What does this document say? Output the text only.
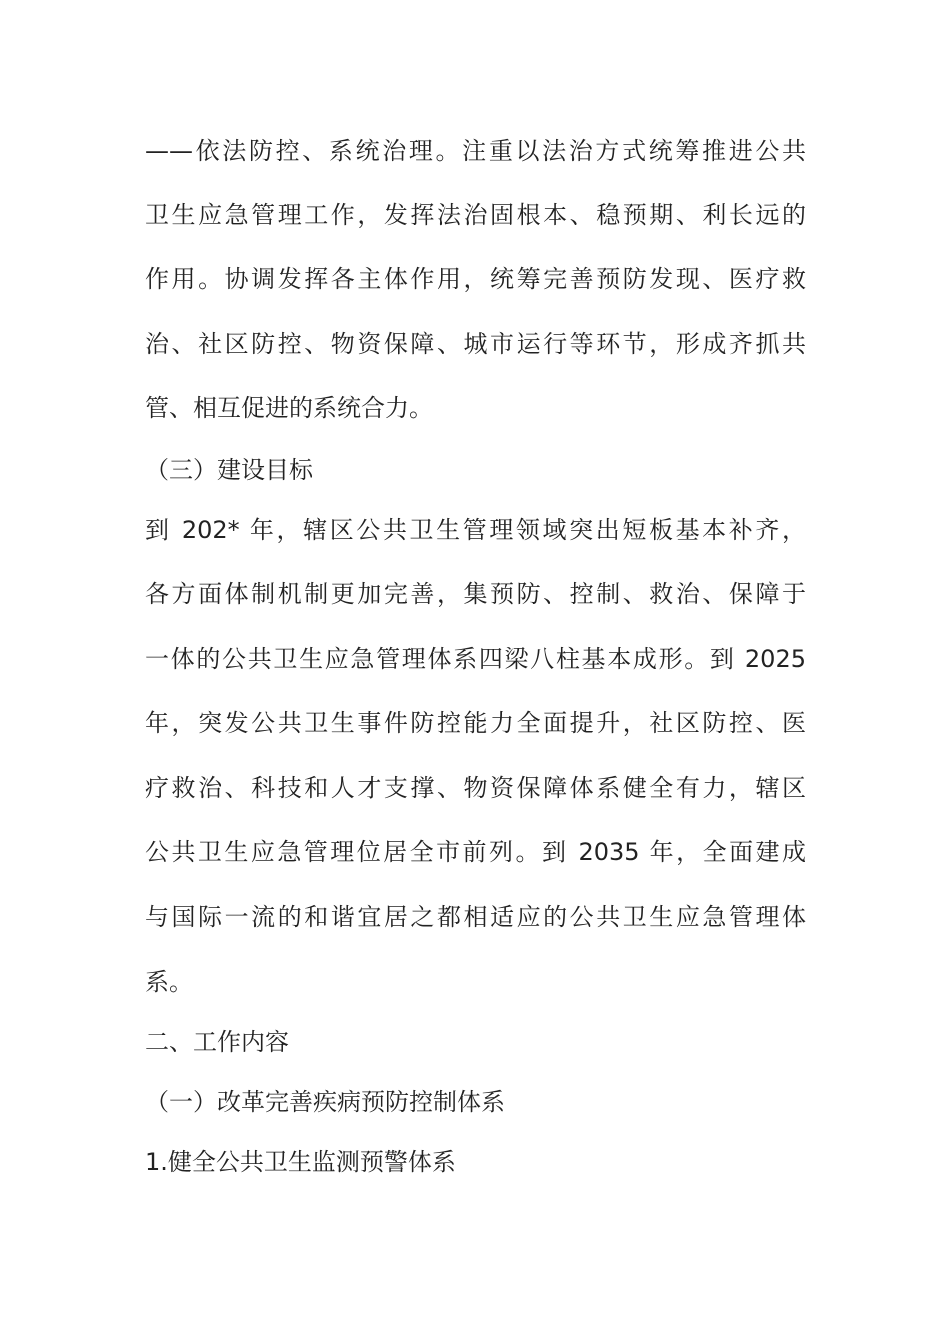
——依法防控、系统治理。注重以法治方式统筹推进公共
卫生应急管理工作，发挥法治固根本、稳预期、利长远的
作用。协调发挥各主体作用，统筹完善预防发现、医疗救
治、社区防控、物资保障、城市运行等环节，形成齐抓共
管、相互促进的系统合力。
（三）建设目标
到 202* 年，辖区公共卫生管理领域突出短板基本补齐，
各方面体制机制更加完善，集预防、控制、救治、保障于
一体的公共卫生应急管理体系四梁八柱基本成形。到 2025
年，突发公共卫生事件防控能力全面提升，社区防控、医
疗救治、科技和人才支撑、物资保障体系健全有力，辖区
公共卫生应急管理位居全市前列。到 2035 年，全面建成
与国际一流的和谐宜居之都相适应的公共卫生应急管理体
系。
二、工作内容
（一）改革完善疾病预防控制体系
1.健全公共卫生监测预警体系
